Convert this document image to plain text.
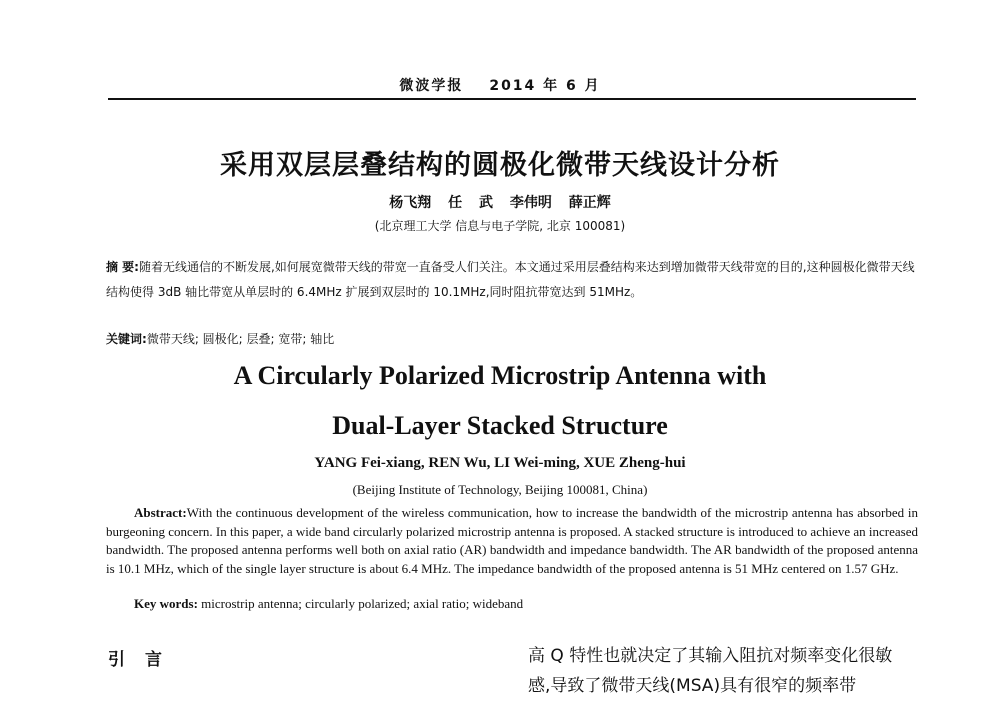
微波学报 2014 年 6 月
采用双层层叠结构的圆极化微带天线设计分析
杨飞翔 任 武 李伟明 薛正辉
(北京理工大学 信息与电子学院, 北京 100081)
摘 要:随着无线通信的不断发展,如何展宽微带天线的带宽一直备受人们关注。本文通过采用层叠结构来达到增加微带天线带宽的目的,这种圆极化微带天线结构使得 3dB 轴比带宽从单层时的 6.4MHz 扩展到双层时的 10.1MHz,同时阻抗带宽达到 51MHz。
关键词:微带天线; 圆极化; 层叠; 宽带; 轴比
A Circularly Polarized Microstrip Antenna with
Dual-Layer Stacked Structure
YANG Fei-xiang, REN Wu, LI Wei-ming, XUE Zheng-hui
(Beijing Institute of Technology, Beijing 100081, China)
Abstract:With the continuous development of the wireless communication, how to increase the bandwidth of the microstrip antenna has absorbed in burgeoning concern. In this paper, a wide band circularly polarized microstrip antenna is proposed. A stacked structure is introduced to achieve an increased bandwidth. The proposed antenna performs well both on axial ratio (AR) bandwidth and impedance bandwidth. The AR bandwidth of the proposed antenna is 10.1 MHz, which of the single layer structure is about 6.4 MHz. The impedance bandwidth of the proposed antenna is 51 MHz centered on 1.57 GHz.
Key words: microstrip antenna; circularly polarized; axial ratio; wideband
引 言	高 Q 特性也就决定了其输入阻抗对频率变化很敏
感,导致了微带天线(MSA)具有很窄的频率带
